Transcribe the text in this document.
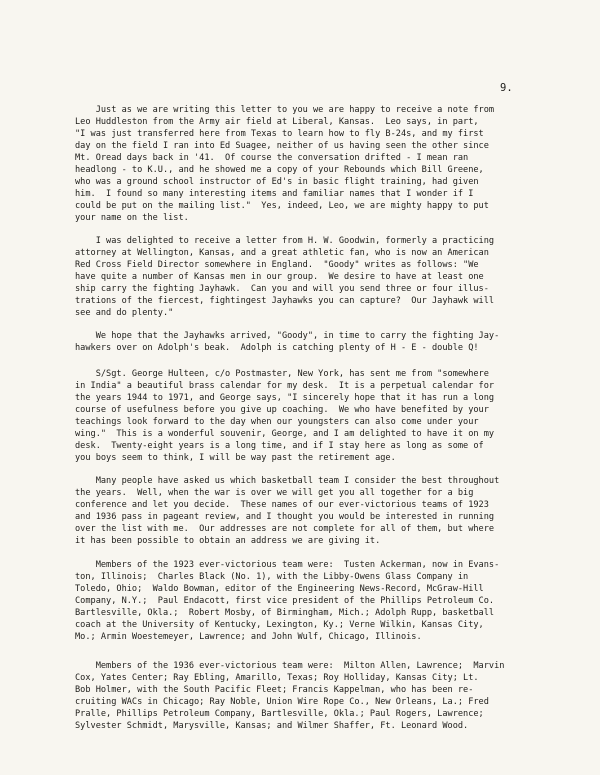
9.

Just as we are writing this letter to you we are happy to receive a note from
Leo Huddleston from the Army air field at Liberal, Kansas.  Leo says, in part,
"I was just transferred here from Texas to learn how to fly B-24s, and my first
day on the field I ran into Ed Suagee, neither of us having seen the other since
Mt. Oread days back in '41.  Of course the conversation drifted - I mean ran
headlong - to K.U., and he showed me a copy of your Rebounds which Bill Greene,
who was a ground school instructor of Ed's in basic flight training, had given
him.  I found so many interesting items and familiar names that I wonder if I
could be put on the mailing list."  Yes, indeed, Leo, we are mighty happy to put
your name on the list.

I was delighted to receive a letter from H. W. Goodwin, formerly a practicing
attorney at Wellington, Kansas, and a great athletic fan, who is now an American
Red Cross Field Director somewhere in England.  "Goody" writes as follows: "We
have quite a number of Kansas men in our group.  We desire to have at least one
ship carry the fighting Jayhawk.  Can you and will you send three or four illus-
trations of the fiercest, fightingest Jayhawks you can capture?  Our Jayhawk will
see and do plenty."

We hope that the Jayhawks arrived, "Goody", in time to carry the fighting Jay-
hawkers over on Adolph's beak.  Adolph is catching plenty of H - E - double Q!

S/Sgt. George Hulteen, c/o Postmaster, New York, has sent me from "somewhere
in India" a beautiful brass calendar for my desk.  It is a perpetual calendar for
the years 1944 to 1971, and George says, "I sincerely hope that it has run a long
course of usefulness before you give up coaching.  We who have benefited by your
teachings look forward to the day when our youngsters can also come under your
wing."  This is a wonderful souvenir, George, and I am delighted to have it on my
desk.  Twenty-eight years is a long time, and if I stay here as long as some of
you boys seem to think, I will be way past the retirement age.

Many people have asked us which basketball team I consider the best throughout
the years.  Well, when the war is over we will get you all together for a big
conference and let you decide.  These names of our ever-victorious teams of 1923
and 1936 pass in pageant review, and I thought you would be interested in running
over the list with me.  Our addresses are not complete for all of them, but where
it has been possible to obtain an address we are giving it.

Members of the 1923 ever-victorious team were:  Tusten Ackerman, now in Evans-
ton, Illinois;  Charles Black (No. 1), with the Libby-Owens Glass Company in
Toledo, Ohio;  Waldo Bowman, editor of the Engineering News-Record, McGraw-Hill
Company, N.Y.;  Paul Endacott, first vice president of the Phillips Petroleum Co.
Bartlesville, Okla.;  Robert Mosby, of Birmingham, Mich.; Adolph Rupp, basketball
coach at the University of Kentucky, Lexington, Ky.; Verne Wilkin, Kansas City,
Mo.; Armin Woestemeyer, Lawrence; and John Wulf, Chicago, Illinois.

Members of the 1936 ever-victorious team were:  Milton Allen, Lawrence;  Marvin
Cox, Yates Center; Ray Ebling, Amarillo, Texas; Roy Holliday, Kansas City; Lt.
Bob Holmer, with the South Pacific Fleet; Francis Kappelman, who has been re-
cruiting WACs in Chicago; Ray Noble, Union Wire Rope Co., New Orleans, La.; Fred
Pralle, Phillips Petroleum Company, Bartlesville, Okla.; Paul Rogers, Lawrence;
Sylvester Schmidt, Marysville, Kansas; and Wilmer Shaffer, Ft. Leonard Wood.
